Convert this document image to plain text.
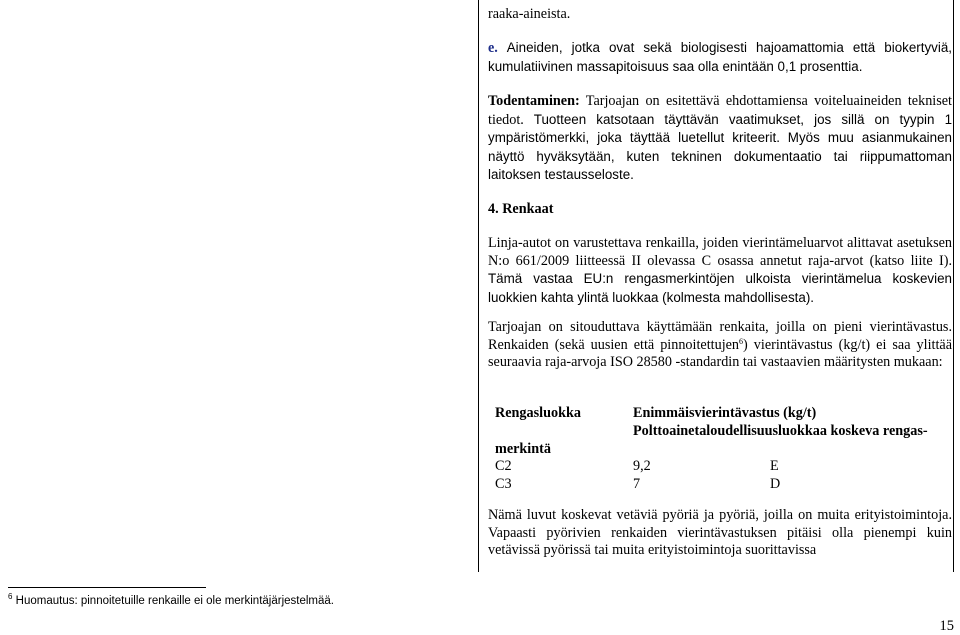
raaka-aineista.

e. Aineiden, jotka ovat sekä biologisesti hajoamattomia että biokertyviä, kumulatiivinen massapitoisuus saa olla enintään 0,1 prosenttia.

Todentaminen: Tarjoajan on esitettävä ehdottamiensa voiteluaineiden tekniset tiedot. Tuotteen katsotaan täyttävän vaatimukset, jos sillä on tyypin 1 ympäristömerkki, joka täyttää luetellut kriteerit. Myös muu asianmukainen näyttö hyväksytään, kuten tekninen dokumentaatio tai riippumattoman laitoksen testausseloste.

4. Renkaat

Linja-autot on varustettava renkailla, joiden vierintämeluarvot alittavat asetuksen N:o 661/2009 liitteessä II olevassa C osassa annetut raja-arvot (katso liite I). Tämä vastaa EU:n rengasmerkintöjen ulkoista vierintämelua koskevien luokkien kahta ylintä luokkaa (kolmesta mahdollisesta).

Tarjoajan on sitouduttava käyttämään renkaita, joilla on pieni vierintävastus. Renkaiden (sekä uusien että pinnoitettujen$^6$) vierintävastus (kg/t) ei saa ylittää seuraavia raja-arvoja ISO 28580 -standardin tai vastaavien määritysten mukaan:

Rengasluokka	Enimmäisvierintävastus (kg/t)
Polttoainetaloudellisuusluokkaa koskeva rengas-
merkintä
C2	9,2	E
C3	7	D

Nämä luvut koskevat vetäviä pyöriä ja pyöriä, joilla on muita erityistoimintoja. Vapaasti pyörivien renkaiden vierintävastuksen pitäisi olla pienempi kuin vetävissä pyörissä tai muita erityistoimintoja suorittavissa

$^6$ Huomautus: pinnoitetuille renkaille ei ole merkintäjärjestelmää.
15
